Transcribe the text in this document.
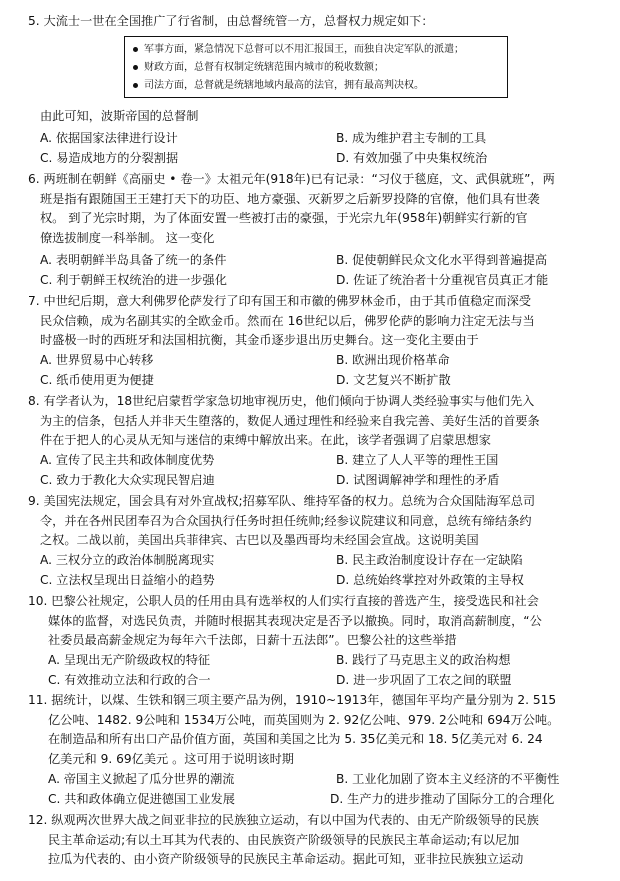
5. 大流士一世在全国推广了行省制，由总督统管一方，总督权力规定如下：
军事方面，紧急情况下总督可以不用汇报国王，而独自决定军队的派遣；
财政方面，总督有权制定统辖范围内城市的税收数额；
司法方面，总督就是统辖地域内最高的法官，拥有最高判决权。
由此可知，波斯帝国的总督制
A. 依据国家法律进行设计	B. 成为维护君主专制的工具
C. 易造成地方的分裂割据	D. 有效加强了中央集权统治
6. 两班制在朝鲜《高丽史 • 卷一》太祖元年(918年)已有记录：“习仪于毯庭，文、武俱就班”，两
班是指有跟随国王王建打天下的功臣、地方豪强、灭新罗之后新罗投降的官僚，他们具有世袭
权。 到了光宗时期，为了体面安置一些被打击的豪强，于光宗九年(958年)朝鲜实行新的官
僚选拔制度一科举制。 这一变化
A. 表明朝鲜半岛具备了统一的条件	B. 促使朝鲜民众文化水平得到普遍提高
C. 利于朝鲜王权统治的进一步强化	D. 佐证了统治者十分重视官员真正才能
7. 中世纪后期，意大利佛罗伦萨发行了印有国王和市徽的佛罗林金币，由于其币值稳定而深受
民众信赖，成为名副其实的全欧金币。然而在 16世纪以后，佛罗伦萨的影响力注定无法与当
时盛极一时的西班牙和法国相抗衡，其金币逐步退出历史舞台。这一变化主要由于
A. 世界贸易中心转移	B. 欧洲出现价格革命
C. 纸币使用更为便捷	D. 文艺复兴不断扩散
8. 有学者认为，18世纪启蒙哲学家急切地审视历史，他们倾向于协调人类经验事实与他们先入
为主的信条，包括人并非天生堕落的，数促人通过理性和经验来自我完善、美好生活的首要条
件在于把人的心灵从无知与迷信的束缚中解放出来。在此，该学者强调了启蒙思想家
A. 宣传了民主共和政体制度优势	B. 建立了人人平等的理性王国
C. 致力于教化大众实现民智启迪	D. 试图调解神学和理性的矛盾
9. 美国宪法规定，国会具有对外宣战权;招募军队、维持军备的权力。总统为合众国陆海军总司
令，并在各州民团奉召为合众国执行任务时担任统帅;经参议院建议和同意，总统有缔结条约
之权。二战以前，美国出兵菲律宾、古巴以及墨西哥均未经国会宣战。这说明美国
A. 三权分立的政治体制脱离现实	B. 民主政治制度设计存在一定缺陷
C. 立法权呈现出日益缩小的趋势	D. 总统始终掌控对外政策的主导权
10. 巴黎公社规定，公职人员的任用由具有选举权的人们实行直接的普选产生，接受选民和社会
媒体的监督，对选民负责，并随时根据其表现决定是否予以撤换。同时，取消高薪制度，“公
社委员最高薪金规定为每年六千法郎，日薪十五法郎”。巴黎公社的这些举措
A. 呈现出无产阶级政权的特征	B. 践行了马克思主义的政治构想
C. 有效推动立法和行政的合一	D. 进一步巩固了工农之间的联盟
11. 据统计，以煤、生铁和钢三项主要产品为例，1910~1913年，德国年平均产量分别为 2. 515
亿公吨、1482. 9公吨和 1534万公吨，而英国则为 2. 92亿公吨、979. 2公吨和 694万公吨。
在制造品和所有出口产品价值方面，英国和美国之比为 5. 35亿美元和 18. 5亿美元对 6. 24
亿美元和 9. 69亿美元 。这可用于说明该时期
A. 帝国主义掀起了瓜分世界的潮流	B. 工业化加剧了资本主义经济的不平衡性
C. 共和政体确立促进德国工业发展	D. 生产力的进步推动了国际分工的合理化
12. 纵观两次世界大战之间亚非拉的民族独立运动，有以中国为代表的、由无产阶级领导的民族
民主革命运动;有以土耳其为代表的、由民族资产阶级领导的民族民主革命运动;有以尼加
拉瓜为代表的、由小资产阶级领导的民族民主革命运动。据此可知，亚非拉民族独立运动
